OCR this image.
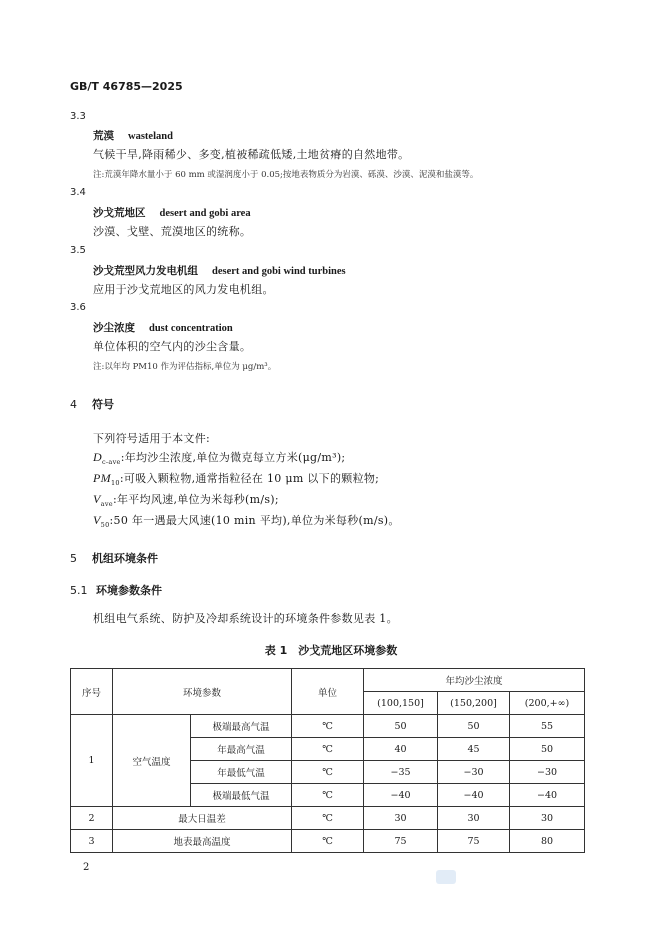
GB/T 46785—2025
3.3
荒漠 wasteland
气候干旱,降雨稀少、多变,植被稀疏低矮,土地贫瘠的自然地带。
注:荒漠年降水量小于 60 mm 或湿润度小于 0.05;按地表物质分为岩漠、砾漠、沙漠、泥漠和盐漠等。
3.4
沙戈荒地区 desert and gobi area
沙漠、戈壁、荒漠地区的统称。
3.5
沙戈荒型风力发电机组 desert and gobi wind turbines
应用于沙戈荒地区的风力发电机组。
3.6
沙尘浓度 dust concentration
单位体积的空气内的沙尘含量。
注:以年均 PM10 作为评估指标,单位为 μg/m³。
4 符号
下列符号适用于本文件:
$D_{c-ave}$:年均沙尘浓度,单位为微克每立方米(μg/m³);
$PM_{10}$:可吸入颗粒物,通常指粒径在 10 μm 以下的颗粒物;
$V_{ave}$:年平均风速,单位为米每秒(m/s);
$V_{50}:50$ 年一遇最大风速(10 min 平均),单位为米每秒(m/s)。
5 机组环境条件
5.1 环境参数条件
机组电气系统、防护及冷却系统设计的环境条件参数见表 1。
表 1　沙戈荒地区环境参数
序号	环境参数		单位	年均沙尘浓度		
				(100,150]	(150,200]	(200,+∞)
1	空气温度	极端最高气温	℃	50	50	55
		年最高气温	℃	40	45	50
		年最低气温	℃	−35	−30	−30
		极端最低气温	℃	−40	−40	−40
2	最大日温差		℃	30	30	30
3	地表最高温度		℃	75	75	80
2
